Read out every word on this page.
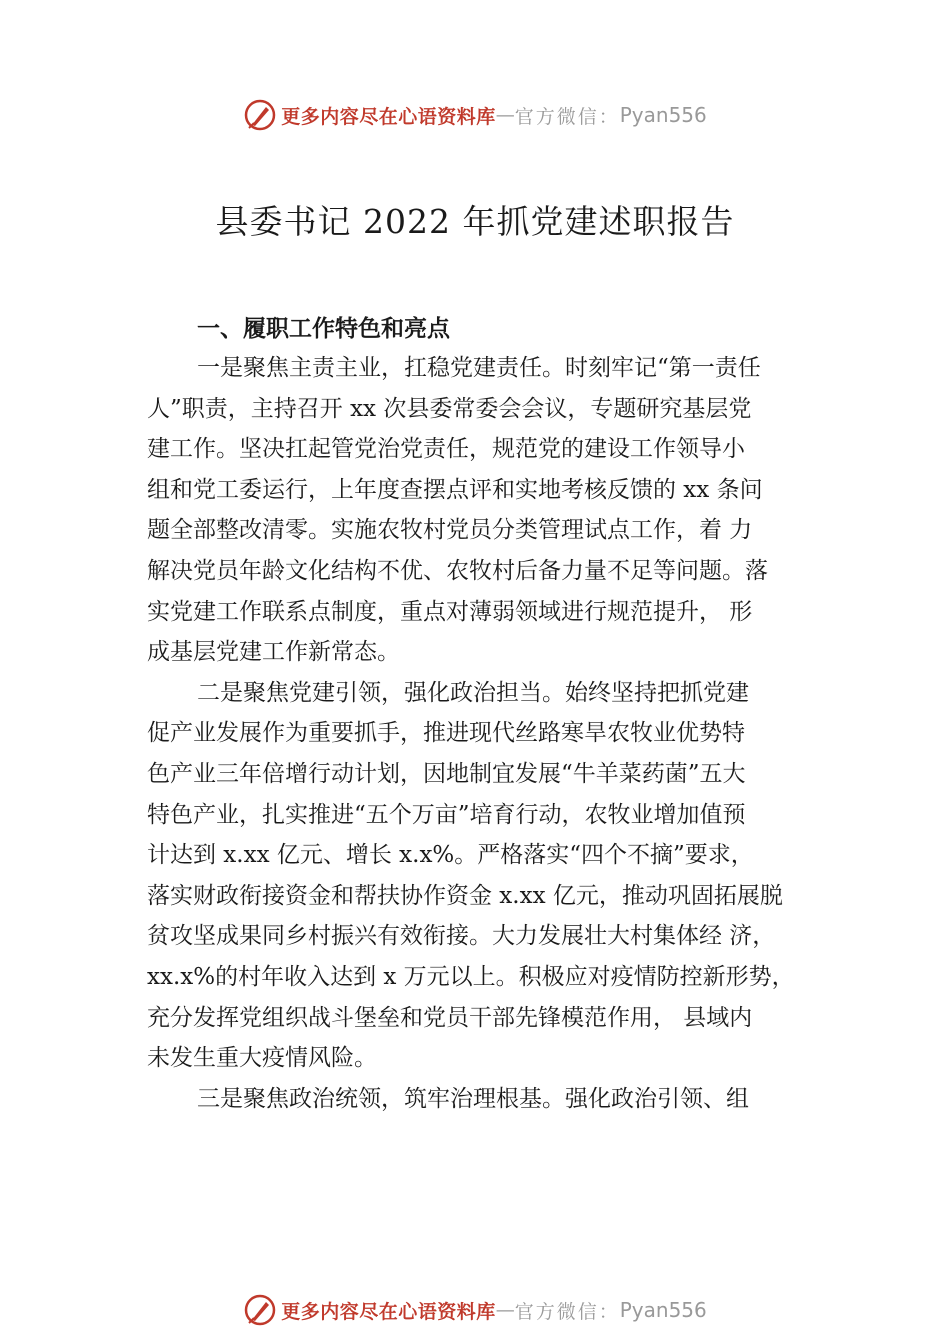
更多内容尽在心语资料库 — 官方微信： Pyan556
县委书记 2022 年抓党建述职报告
一、履职工作特色和亮点
一是聚焦主责主业，扛稳党建责任。时刻牢记“第一责任
人”职责，主持召开 xx 次县委常委会会议，专题研究基层党
建工作。坚决扛起管党治党责任，规范党的建设工作领导小
组和党工委运行，上年度查摆点评和实地考核反馈的 xx 条问
题全部整改清零。实施农牧村党员分类管理试点工作，着 力
解决党员年龄文化结构不优、农牧村后备力量不足等问题。落
实党建工作联系点制度，重点对薄弱领域进行规范提升， 形
成基层党建工作新常态。
二是聚焦党建引领，强化政治担当。始终坚持把抓党建
促产业发展作为重要抓手，推进现代丝路寒旱农牧业优势特
色产业三年倍增行动计划，因地制宜发展“牛羊菜药菌”五大
特色产业，扎实推进“五个万亩”培育行动，农牧业增加值预
计达到 x.xx 亿元、增长 x.x%。严格落实“四个不摘”要求，
落实财政衔接资金和帮扶协作资金 x.xx 亿元，推动巩固拓展脱
贫攻坚成果同乡村振兴有效衔接。大力发展壮大村集体经 济，
xx.x%的村年收入达到 x 万元以上。积极应对疫情防控新形势，
充分发挥党组织战斗堡垒和党员干部先锋模范作用， 县域内
未发生重大疫情风险。
三是聚焦政治统领，筑牢治理根基。强化政治引领、组
更多内容尽在心语资料库 — 官方微信： Pyan556
